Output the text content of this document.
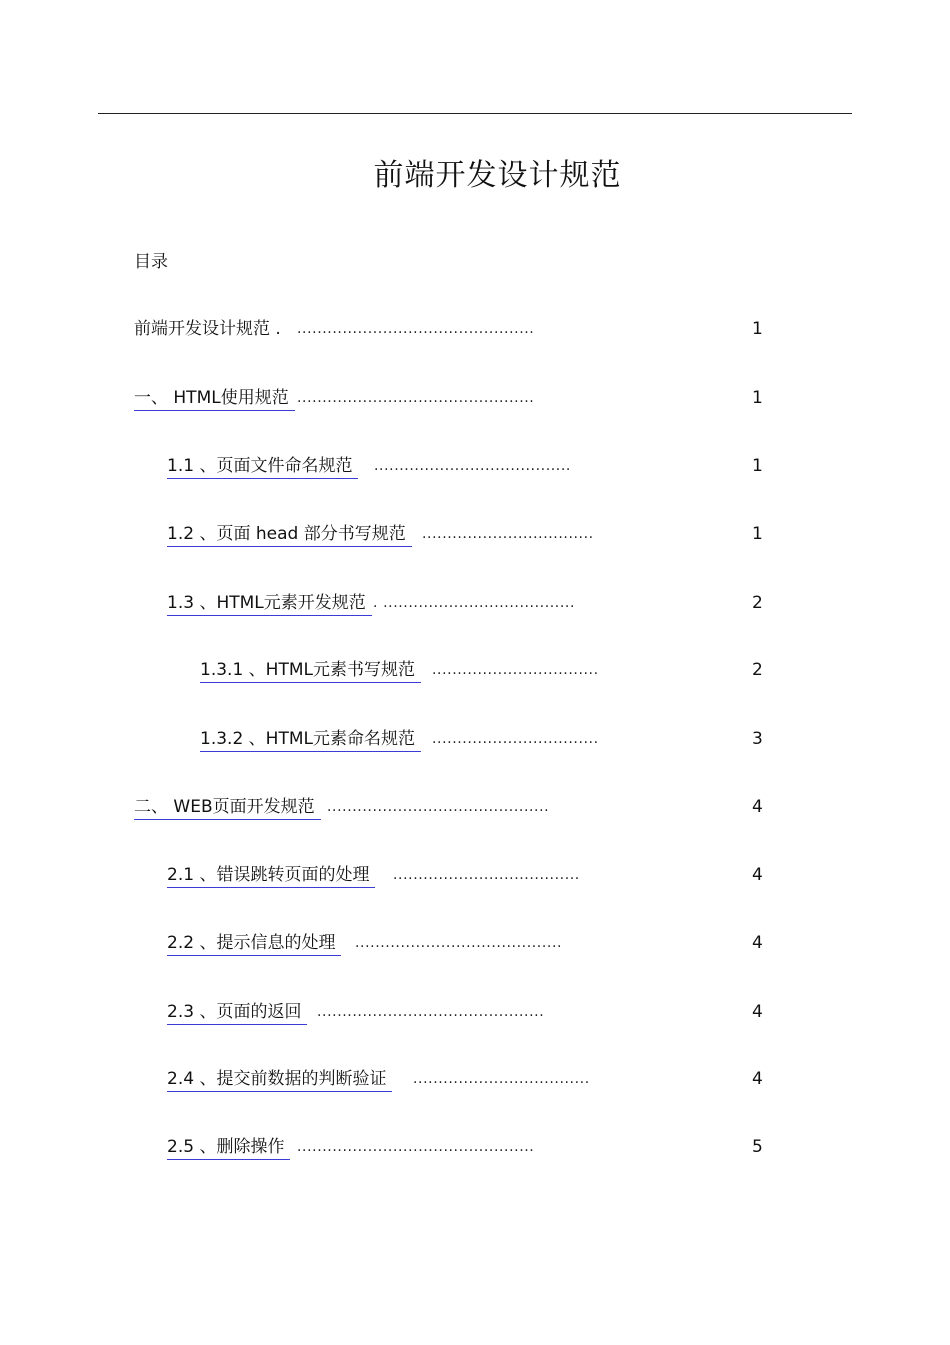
前端开发设计规范
目录
前端开发设计规范 . ...............................................	1
一、 HTML使用规范 ...............................................	1
1.1 、页面文件命名规范	.......................................	1
1.2 、页面 head 部分书写规范	..................................	1
1.3 、HTML元素开发规范 . ......................................	2
1.3.1 、HTML元素书写规范	.................................	2
1.3.2 、HTML元素命名规范	.................................	3
二、 WEB页面开发规范 ............................................	4
2.1 、错误跳转页面的处理	.....................................	4
2.2 、提示信息的处理	.........................................	4
2.3 、页面的返回	.............................................	4
2.4 、提交前数据的判断验证	...................................	4
2.5 、删除操作 ...............................................	5
